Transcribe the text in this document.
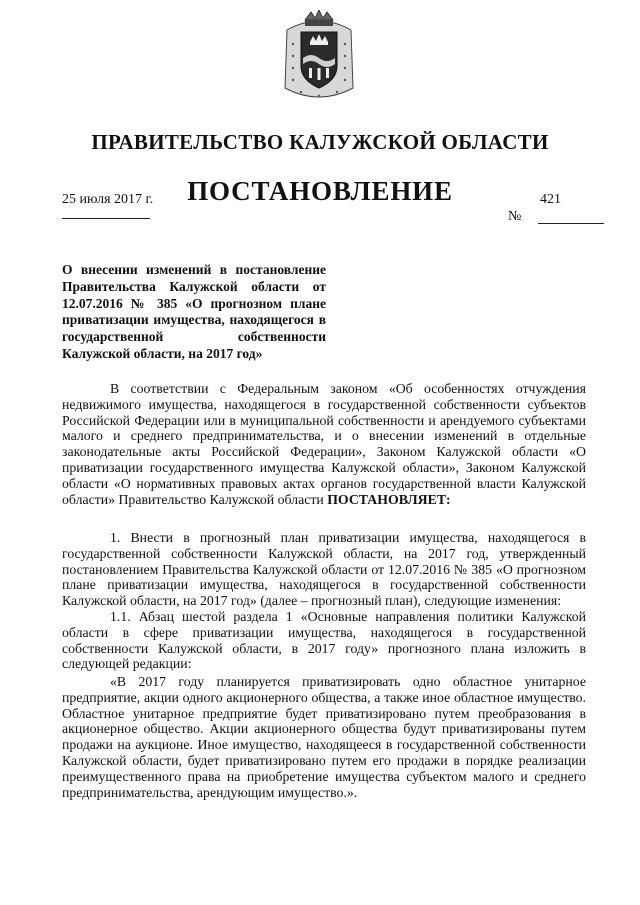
ПРАВИТЕЛЬСТВО КАЛУЖСКОЙ ОБЛАСТИ
ПОСТАНОВЛЕНИЕ
25 июля 2017 г.	421
№
О внесении изменений в постановление Правительства Калужской области от 12.07.2016 № 385 «О прогнозном плане приватизации имущества, находящегося в государственной собственности Калужской области, на 2017 год»
В соответствии с Федеральным законом «Об особенностях отчуждения недвижимого имущества, находящегося в государственной собственности субъектов Российской Федерации или в муниципальной собственности и арендуемого субъектами малого и среднего предпринимательства, и о внесении изменений в отдельные законодательные акты Российской Федерации», Законом Калужской области «О приватизации государственного имущества Калужской области», Законом Калужской области «О нормативных правовых актах органов государственной власти Калужской области» Правительство Калужской области ПОСТАНОВЛЯЕТ:
1. Внести в прогнозный план приватизации имущества, находящегося в государственной собственности Калужской области, на 2017 год, утвержденный постановлением Правительства Калужской области от 12.07.2016 № 385 «О прогнозном плане приватизации имущества, находящегося в государственной собственности Калужской области, на 2017 год» (далее – прогнозный план), следующие изменения:
1.1. Абзац шестой раздела 1 «Основные направления политики Калужской области в сфере приватизации имущества, находящегося в государственной собственности Калужской области, в 2017 году» прогнозного плана изложить в следующей редакции:
«В 2017 году планируется приватизировать одно областное унитарное предприятие, акции одного акционерного общества, а также иное областное имущество. Областное унитарное предприятие будет приватизировано путем преобразования в акционерное общество. Акции акционерного общества будут приватизированы путем продажи на аукционе. Иное имущество, находящееся в государственной собственности Калужской области, будет приватизировано путем его продажи в порядке реализации преимущественного права на приобретение имущества субъектом малого и среднего предпринимательства, арендующим имущество.».
